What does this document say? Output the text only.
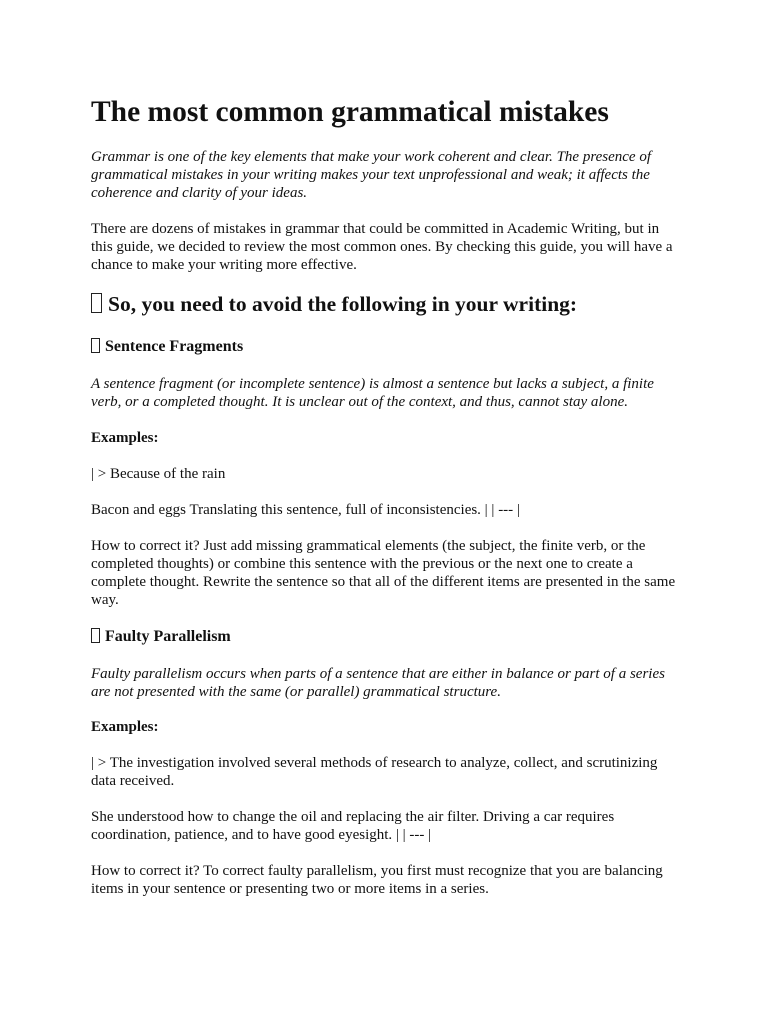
The most common grammatical mistakes

Grammar is one of the key elements that make your work coherent and clear. The presence of grammatical mistakes in your writing makes your text unprofessional and weak; it affects the coherence and clarity of your ideas.

There are dozens of mistakes in grammar that could be committed in Academic Writing, but in this guide, we decided to review the most common ones. By checking this guide, you will have a chance to make your writing more effective.

So, you need to avoid the following in your writing:
Sentence Fragments

A sentence fragment (or incomplete sentence) is almost a sentence but lacks a subject, a finite verb, or a completed thought. It is unclear out of the context, and thus, cannot stay alone.

Examples:

| > Because of the rain

Bacon and eggs Translating this sentence, full of inconsistencies. | | --- |

How to correct it? Just add missing grammatical elements (the subject, the finite verb, or the completed thoughts) or combine this sentence with the previous or the next one to create a complete thought. Rewrite the sentence so that all of the different items are presented in the same way.

Faulty Parallelism

Faulty parallelism occurs when parts of a sentence that are either in balance or part of a series are not presented with the same (or parallel) grammatical structure.

Examples:

| > The investigation involved several methods of research to analyze, collect, and scrutinizing data received.

She understood how to change the oil and replacing the air filter. Driving a car requires coordination, patience, and to have good eyesight. | | --- |

How to correct it? To correct faulty parallelism, you first must recognize that you are balancing items in your sentence or presenting two or more items in a series.
